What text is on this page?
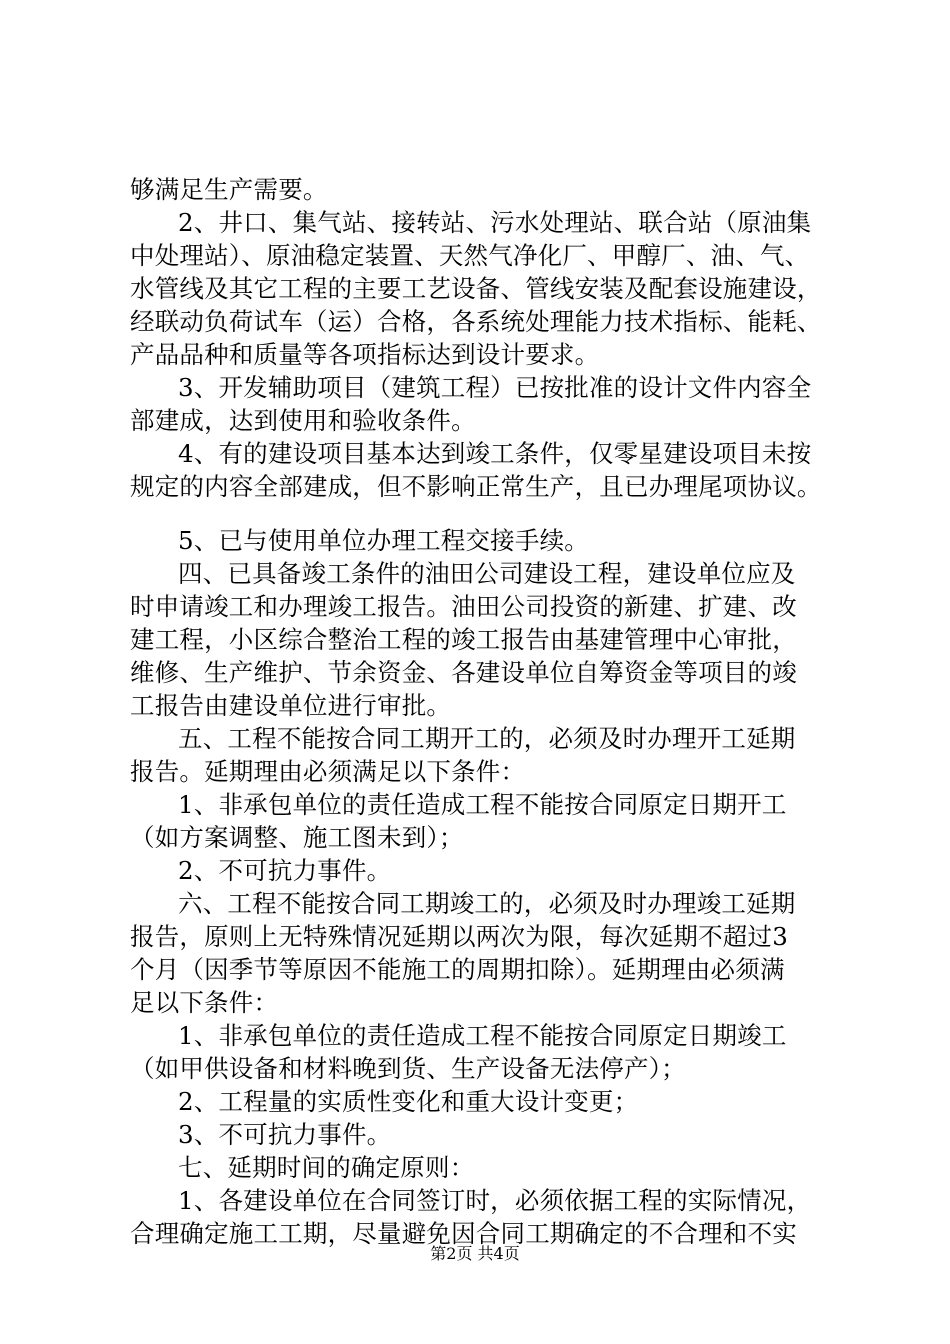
够满足生产需要。
2、井口、集气站、接转站、污水处理站、联合站（原油集
中处理站）、原油稳定装置、天然气净化厂、甲醇厂、油、气、
水管线及其它工程的主要工艺设备、管线安装及配套设施建设，
经联动负荷试车（运）合格，各系统处理能力技术指标、能耗、
产品品种和质量等各项指标达到设计要求。
3、开发辅助项目（建筑工程）已按批准的设计文件内容全
部建成，达到使用和验收条件。
4、有的建设项目基本达到竣工条件，仅零星建设项目未按
规定的内容全部建成，但不影响正常生产，且已办理尾项协议。
5、已与使用单位办理工程交接手续。
四、已具备竣工条件的油田公司建设工程，建设单位应及
时申请竣工和办理竣工报告。油田公司投资的新建、扩建、改
建工程，小区综合整治工程的竣工报告由基建管理中心审批，
维修、生产维护、节余资金、各建设单位自筹资金等项目的竣
工报告由建设单位进行审批。
五、工程不能按合同工期开工的，必须及时办理开工延期
报告。延期理由必须满足以下条件：
1、非承包单位的责任造成工程不能按合同原定日期开工
（如方案调整、施工图未到）；
2、不可抗力事件。
六、工程不能按合同工期竣工的，必须及时办理竣工延期
报告，原则上无特殊情况延期以两次为限，每次延期不超过3
个月（因季节等原因不能施工的周期扣除）。延期理由必须满
足以下条件：
1、非承包单位的责任造成工程不能按合同原定日期竣工
（如甲供设备和材料晚到货、生产设备无法停产）；
2、工程量的实质性变化和重大设计变更；
3、不可抗力事件。
七、延期时间的确定原则：
1、各建设单位在合同签订时，必须依据工程的实际情况，
合理确定施工工期，尽量避免因合同工期确定的不合理和不实
第2页 共4页
